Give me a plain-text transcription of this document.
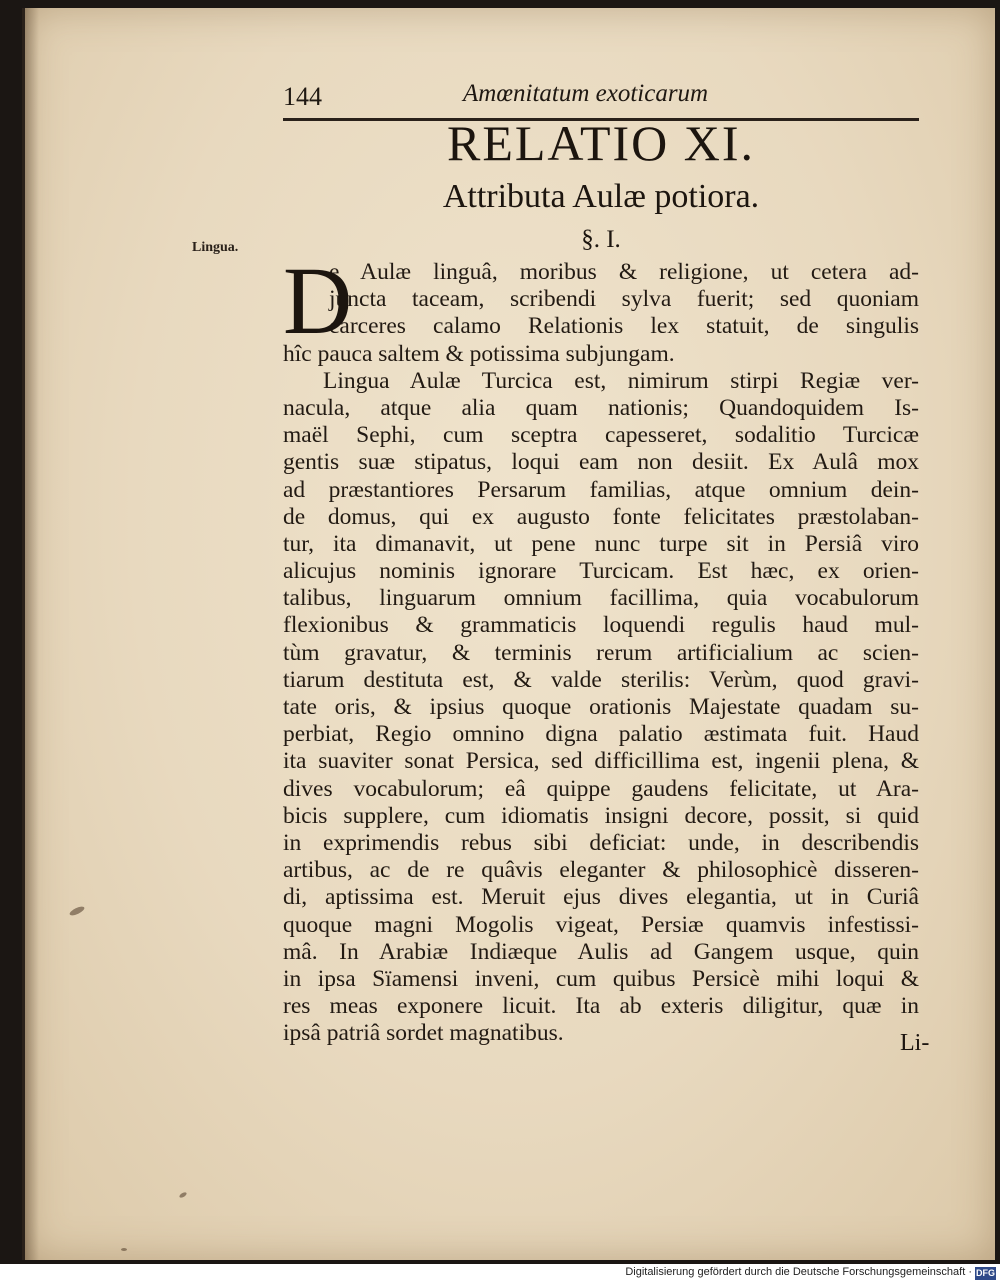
144	Amœnitatum exoticarum
RELATIO XI.
Attributa Aulæ potiora.
§. I.
Lingua. D
e Aulæ linguâ, moribus & religione, ut cetera ad-
juncta taceam, scribendi sylva fuerit; sed quoniam
carceres calamo Relationis lex statuit, de singulis
hîc pauca saltem & potissima subjungam.
Lingua Aulæ Turcica est, nimirum stirpi Regiæ ver-
nacula, atque alia quam nationis; Quandoquidem Is-
maël Sephi, cum sceptra capesseret, sodalitio Turcicæ
gentis suæ stipatus, loqui eam non desiit. Ex Aulâ mox
ad præstantiores Persarum familias, atque omnium dein-
de domus, qui ex augusto fonte felicitates præstolaban-
tur, ita dimanavit, ut pene nunc turpe sit in Persiâ viro
alicujus nominis ignorare Turcicam. Est hæc, ex orien-
talibus, linguarum omnium facillima, quia vocabulorum
flexionibus & grammaticis loquendi regulis haud mul-
tùm gravatur, & terminis rerum artificialium ac scien-
tiarum destituta est, & valde sterilis: Verùm, quod gravi-
tate oris, & ipsius quoque orationis Majestate quadam su-
perbiat, Regio omnino digna palatio æstimata fuit. Haud
ita suaviter sonat Persica, sed difficillima est, ingenii plena, &
dives vocabulorum; eâ quippe gaudens felicitate, ut Ara-
bicis supplere, cum idiomatis insigni decore, possit, si quid
in exprimendis rebus sibi deficiat: unde, in describendis
artibus, ac de re quâvis eleganter & philosophicè disseren-
di, aptissima est. Meruit ejus dives elegantia, ut in Curiâ
quoque magni Mogolis vigeat, Persiæ quamvis infestissi-
mâ. In Arabiæ Indiæque Aulis ad Gangem usque, quin
in ipsa Sïamensi inveni, cum quibus Persicè mihi loqui &
res meas exponere licuit. Ita ab exteris diligitur, quæ in
ipsâ patriâ sordet magnatibus.	Li-
Digitalisierung gefördert durch die Deutsche Forschungsgemeinschaft · DFG
